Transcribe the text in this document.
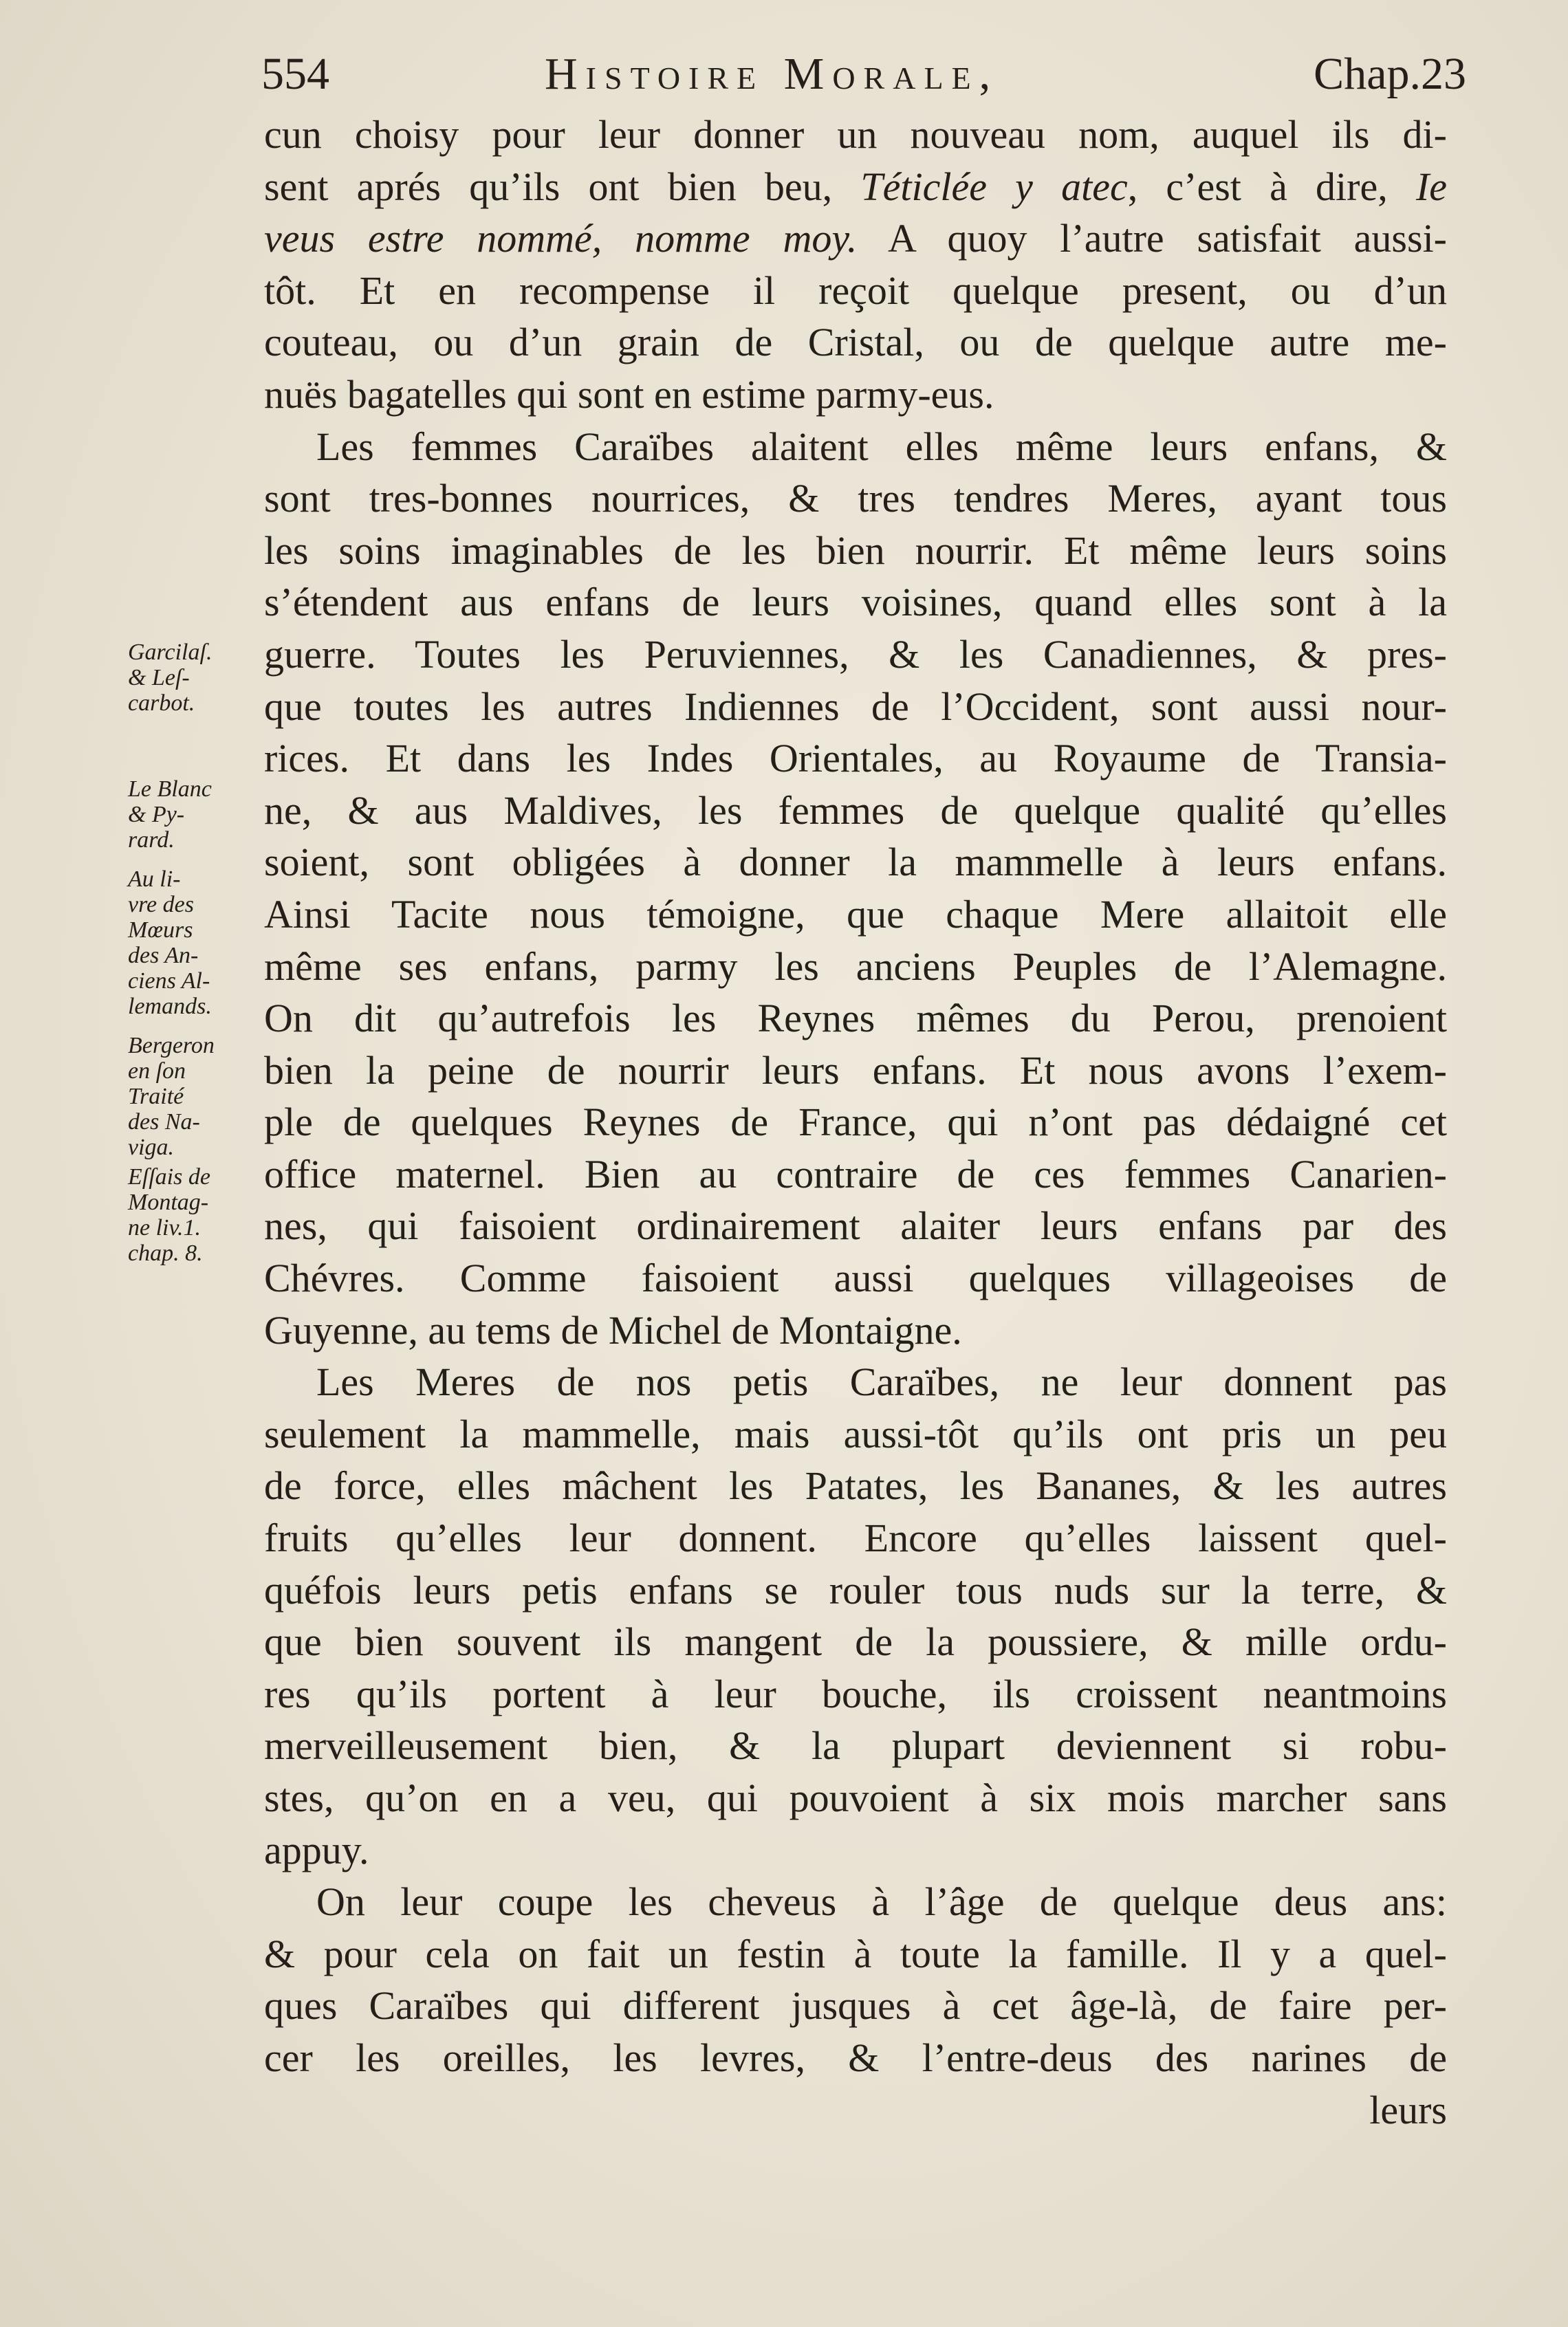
554	Histoire Morale,	Chap.23
cun choisy pour leur donner un nouveau nom, auquel ils di-
sent aprés qu’ils ont bien beu, Téticlée y atec, c’est à dire, Ie
veus estre nommé, nomme moy. A quoy l’autre satisfait aussi-
tôt. Et en recompense il reçoit quelque present, ou d’un
couteau, ou d’un grain de Cristal, ou de quelque autre me-
nuës bagatelles qui sont en estime parmy-eus.
Les femmes Caraïbes alaitent elles même leurs enfans, &
sont tres-bonnes nourrices, & tres tendres Meres, ayant tous
les soins imaginables de les bien nourrir. Et même leurs soins
s’étendent aus enfans de leurs voisines, quand elles sont à la
guerre. Toutes les Peruviennes, & les Canadiennes, & pres-
que toutes les autres Indiennes de l’Occident, sont aussi nour-
rices. Et dans les Indes Orientales, au Royaume de Transia-
ne, & aus Maldives, les femmes de quelque qualité qu’elles
soient, sont obligées à donner la mammelle à leurs enfans.
Ainsi Tacite nous témoigne, que chaque Mere allaitoit elle
même ses enfans, parmy les anciens Peuples de l’Alemagne.
On dit qu’autrefois les Reynes mêmes du Perou, prenoient
bien la peine de nourrir leurs enfans. Et nous avons l’exem-
ple de quelques Reynes de France, qui n’ont pas dédaigné cet
office maternel. Bien au contraire de ces femmes Canarien-
nes, qui faisoient ordinairement alaiter leurs enfans par des
Chévres. Comme faisoient aussi quelques villageoises de
Guyenne, au tems de Michel de Montaigne.
Les Meres de nos petis Caraïbes, ne leur donnent pas
seulement la mammelle, mais aussi-tôt qu’ils ont pris un peu
de force, elles mâchent les Patates, les Bananes, & les autres
fruits qu’elles leur donnent. Encore qu’elles laissent quel-
quéfois leurs petis enfans se rouler tous nuds sur la terre, &
que bien souvent ils mangent de la poussiere, & mille ordu-
res qu’ils portent à leur bouche, ils croissent neantmoins
merveilleusement bien, & la plupart deviennent si robu-
stes, qu’on en a veu, qui pouvoient à six mois marcher sans
appuy.
On leur coupe les cheveus à l’âge de quelque deus ans:
& pour cela on fait un festin à toute la famille. Il y a quel-
ques Caraïbes qui different jusques à cet âge-là, de faire per-
cer les oreilles, les levres, & l’entre-deus des narines de
leurs
Garcilaſ.
& Leſ-
carbot.
Le Blanc
& Py-
rard.
Au li-
vre des
Mœurs
des An-
ciens Al-
lemands.
Bergeron
en ſon
Traité
des Na-
viga.
Eſſais de
Montag-
ne liv.1.
chap. 8.
